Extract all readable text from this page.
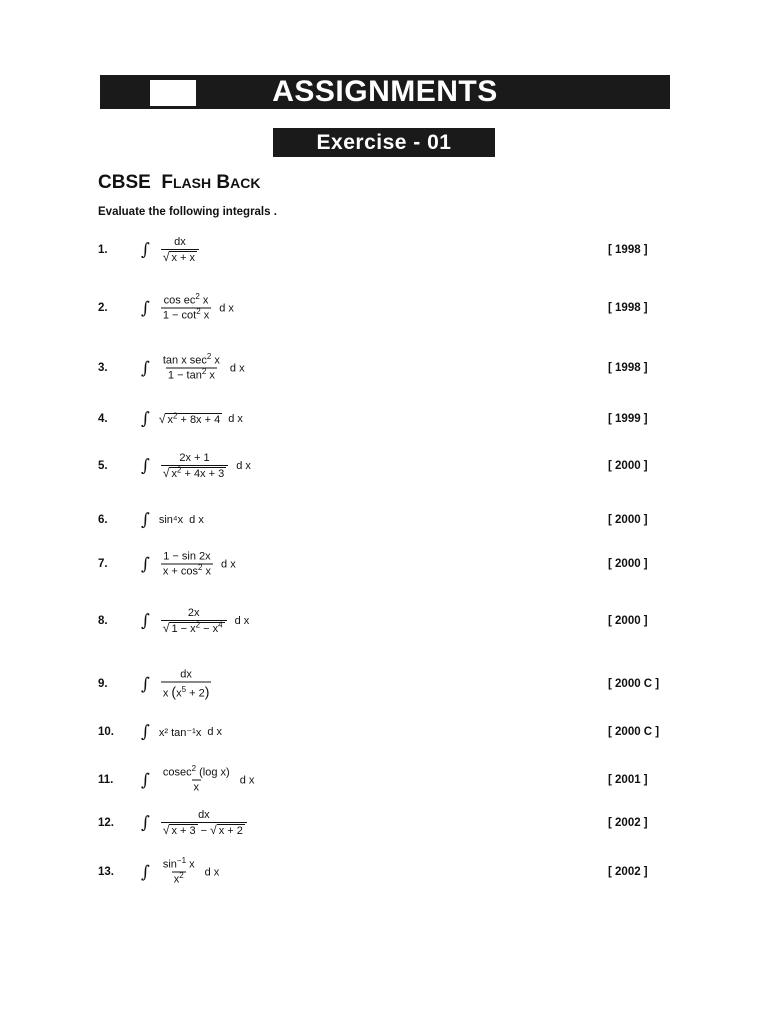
ASSIGNMENTS
Exercise - 01
CBSE FLASH BACK
Evaluate the following integrals .
1. ∫ $\frac{dx}{√ x + x}$	[ 1998 ]
2. ∫ $\frac{\cos ec^2 x}{1 - \cot^2 x}$ d x	[ 1998 ]
3. ∫ $\frac{\tan x \sec^2 x}{1 - \tan^2 x}$ d x	[ 1998 ]
4. ∫ √ $x^2 + 8x + 4$ d x	[ 1999 ]
5. ∫ $\frac{2x + 1}{√ x^2 + 4x + 3}$ d x	[ 2000 ]
6. ∫ sin⁴x d x	[ 2000 ]
7. ∫ $\frac{1 - \sin 2x}{x + \cos^2 x}$ d x	[ 2000 ]
8. ∫ $\frac{2x}{√ 1 - x^2 - x^4}$ d x	[ 2000 ]
9. ∫ $\frac{dx}{x (x^5 + 2)}$	[ 2000 C ]
10. ∫ x² tan⁻¹x d x	[ 2000 C ]
11. ∫ $\frac{cosec^2 (\log x)}{x}$ d x	[ 2001 ]
12. ∫ $\frac{dx}{√ x + 3 - √ x + 2}$	[ 2002 ]
13. ∫ $\frac{\sin^{-1} x}{x^2}$ d x	[ 2002 ]
